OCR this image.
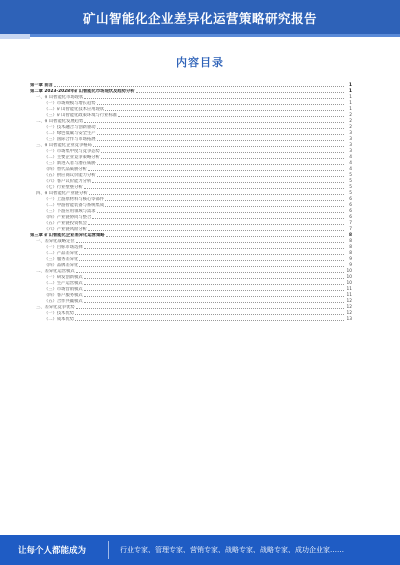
矿山智能化企业差异化运营策略研究报告
内容目录
第一章 前言	1
第二章 2023-2028年矿山智能化市场现状及趋势分析	1
一、矿山智能化市场现状	1
（一）市场规模与增长趋势	1
（二）矿山智能化技术应用现状	1
（三）矿山智能化政策环境与行业标准	2
二、矿山智能化发展趋势	2
（一）技术融合与创新驱动	2
（二）绿色低碳与安全生产	3
（三）国际合作与市场拓展	3
三、矿山智能化企业竞争格局	3
（一）市场集中度与竞争态势	3
（二）主要企业竞争策略分析	4
（三）新进入者与潜在威胁	4
（四）替代品威胁分析	4
（五）供应商议价能力分析	5
（六）客户议价能力分析	5
（七）行业壁垒分析	5
四、矿山智能化产业链分析	5
（一）上游原材料与核心零部件	6
（二）中游智能装备与系统集成	6
（三）下游应用领域与需求	6
（四）产业链协同与整合	6
（五）产业链投资机会	7
（六）产业链风险分析	7
第三章 矿山智能化企业差异化运营策略	8
一、差异化战略定位	8
（一）目标市场选择	8
（二）产品差异化	8
（三）服务差异化	9
（四）品牌差异化	9
二、差异化运营模式	10
（一）研发创新模式	10
（二）生产运营模式	10
（三）市场营销模式	11
（四）客户服务模式	11
（五）合作共赢模式	12
三、差异化竞争优势	12
（一）技术优势	12
（二）成本优势	13
让每个人都能成为	行业专家、管理专家、营销专家、战略专家、战略专家、成功企业家……
